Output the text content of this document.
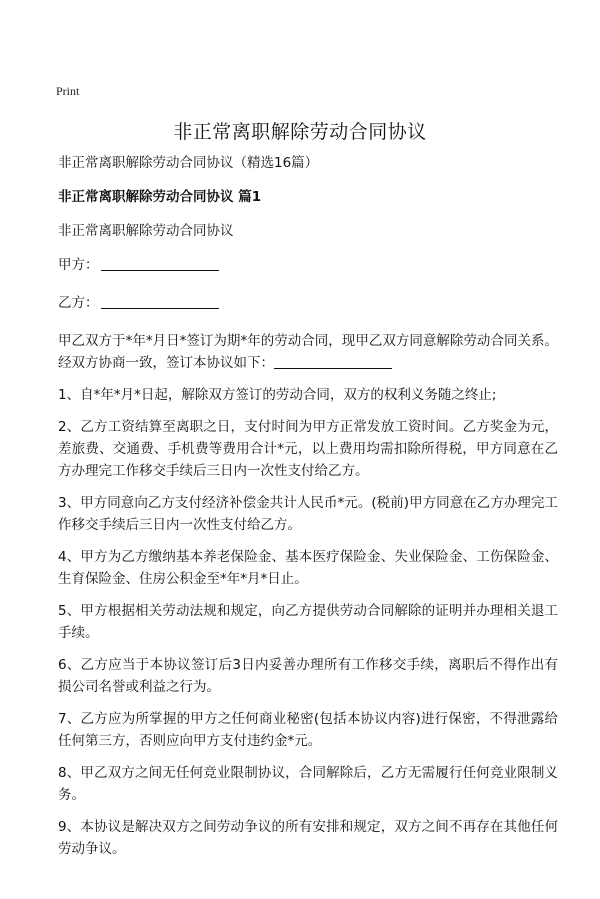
Print
非正常离职解除劳动合同协议

非正常离职解除劳动合同协议（精选16篇）

非正常离职解除劳动合同协议 篇1

非正常离职解除劳动合同协议

甲方：

乙方：

甲乙双方于*年*月日*签订为期*年的劳动合同，现甲乙双方同意解除劳动合同关系。经双方协商一致，签订本协议如下：

1、自*年*月*日起，解除双方签订的劳动合同，双方的权利义务随之终止;

2、乙方工资结算至离职之日，支付时间为甲方正常发放工资时间。乙方奖金为元，差旅费、交通费、手机费等费用合计*元，以上费用均需扣除所得税，甲方同意在乙方办理完工作移交手续后三日内一次性支付给乙方。

3、甲方同意向乙方支付经济补偿金共计人民币*元。(税前)甲方同意在乙方办理完工作移交手续后三日内一次性支付给乙方。

4、甲方为乙方缴纳基本养老保险金、基本医疗保险金、失业保险金、工伤保险金、生育保险金、住房公积金至*年*月*日止。

5、甲方根据相关劳动法规和规定，向乙方提供劳动合同解除的证明并办理相关退工手续。

6、乙方应当于本协议签订后3日内妥善办理所有工作移交手续，离职后不得作出有损公司名誉或利益之行为。

7、乙方应为所掌握的甲方之任何商业秘密(包括本协议内容)进行保密，不得泄露给任何第三方，否则应向甲方支付违约金*元。

8、甲乙双方之间无任何竞业限制协议，合同解除后，乙方无需履行任何竞业限制义务。

9、本协议是解决双方之间劳动争议的所有安排和规定，双方之间不再存在其他任何劳动争议。
